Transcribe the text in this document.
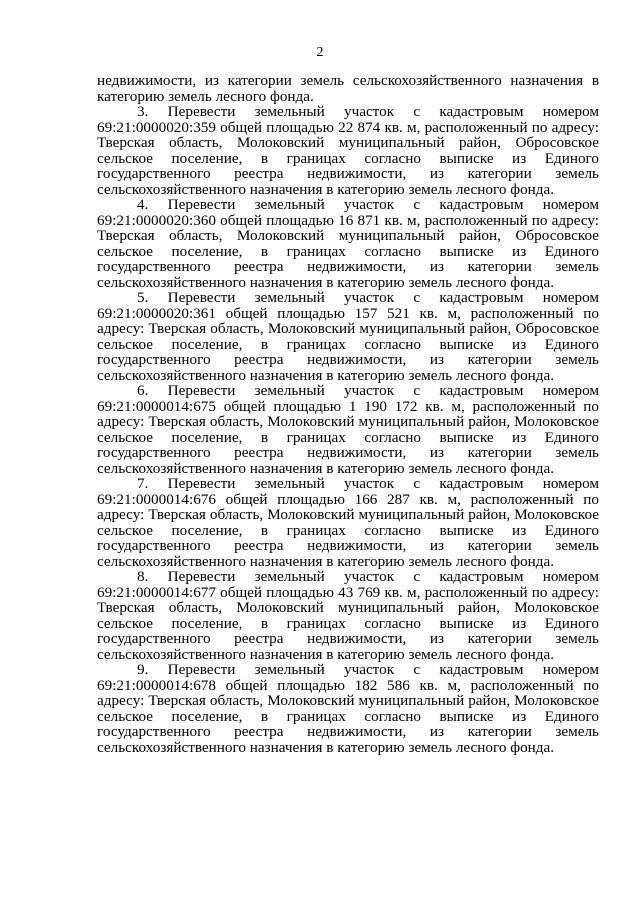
2

недвижимости, из категории земель сельскохозяйственного назначения в категорию земель лесного фонда.

3. Перевести земельный участок с кадастровым номером 69:21:0000020:359 общей площадью 22 874 кв. м, расположенный по адресу: Тверская область, Молоковский муниципальный район, Обросовское сельское поселение, в границах согласно выписке из Единого государственного реестра недвижимости, из категории земель сельскохозяйственного назначения в категорию земель лесного фонда.

4. Перевести земельный участок с кадастровым номером 69:21:0000020:360 общей площадью 16 871 кв. м, расположенный по адресу: Тверская область, Молоковский муниципальный район, Обросовское сельское поселение, в границах согласно выписке из Единого государственного реестра недвижимости, из категории земель сельскохозяйственного назначения в категорию земель лесного фонда.

5. Перевести земельный участок с кадастровым номером 69:21:0000020:361 общей площадью 157 521 кв. м, расположенный по адресу: Тверская область, Молоковский муниципальный район, Обросовское сельское поселение, в границах согласно выписке из Единого государственного реестра недвижимости, из категории земель сельскохозяйственного назначения в категорию земель лесного фонда.

6. Перевести земельный участок с кадастровым номером 69:21:0000014:675 общей площадью 1 190 172 кв. м, расположенный по адресу: Тверская область, Молоковский муниципальный район, Молоковское сельское поселение, в границах согласно выписке из Единого государственного реестра недвижимости, из категории земель сельскохозяйственного назначения в категорию земель лесного фонда.

7. Перевести земельный участок с кадастровым номером 69:21:0000014:676 общей площадью 166 287 кв. м, расположенный по адресу: Тверская область, Молоковский муниципальный район, Молоковское сельское поселение, в границах согласно выписке из Единого государственного реестра недвижимости, из категории земель сельскохозяйственного назначения в категорию земель лесного фонда.

8. Перевести земельный участок с кадастровым номером 69:21:0000014:677 общей площадью 43 769 кв. м, расположенный по адресу: Тверская область, Молоковский муниципальный район, Молоковское сельское поселение, в границах согласно выписке из Единого государственного реестра недвижимости, из категории земель сельскохозяйственного назначения в категорию земель лесного фонда.

9. Перевести земельный участок с кадастровым номером 69:21:0000014:678 общей площадью 182 586 кв. м, расположенный по адресу: Тверская область, Молоковский муниципальный район, Молоковское сельское поселение, в границах согласно выписке из Единого государственного реестра недвижимости, из категории земель сельскохозяйственного назначения в категорию земель лесного фонда.
